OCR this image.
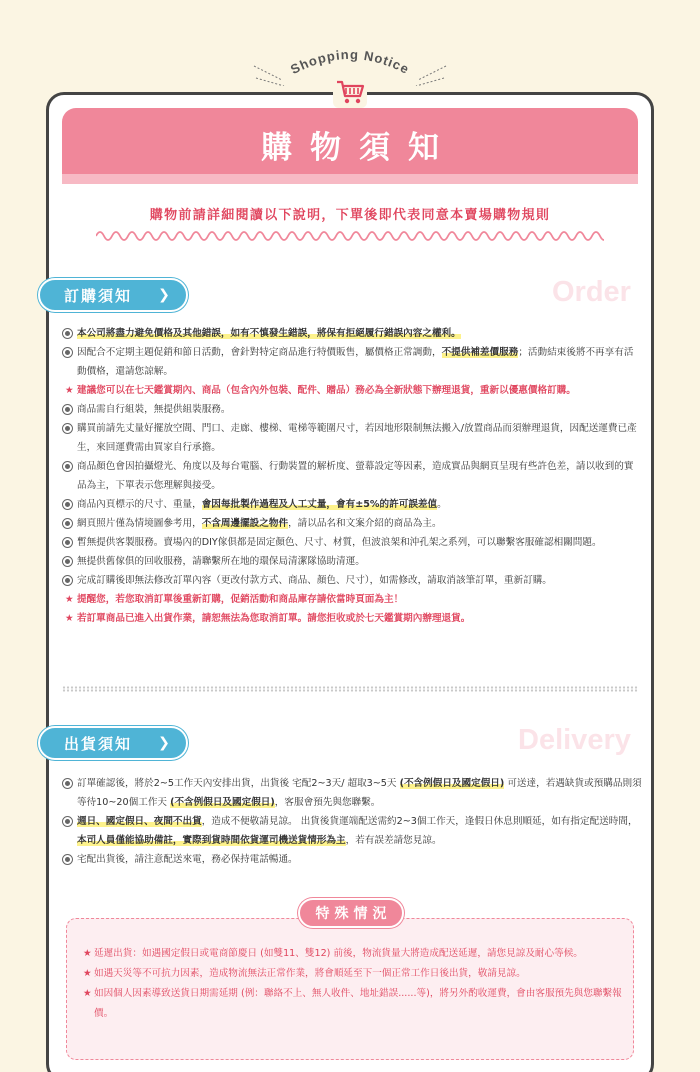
Shopping Notice
購物須知
購物前請詳細閱讀以下說明，下單後即代表同意本賣場購物規則
訂購須知 ❯	Order
本公司將盡力避免價格及其他錯誤，如有不慎發生錯誤，將保有拒絕履行錯誤內容之權利。
因配合不定期主題促銷和節日活動，會針對特定商品進行特價販售，屬價格正常調動，不提供補差價服務；活動結束後將不再享有活動價格，還請您諒解。
★ 建議您可以在七天鑑賞期內、商品（包含內外包裝、配件、贈品）務必為全新狀態下辦理退貨，重新以優惠價格訂購。
商品需自行組裝，無提供組裝服務。
購買前請先丈量好擺放空間、門口、走廊、樓梯、電梯等範圍尺寸，若因地形限制無法搬入/放置商品而須辦理退貨，因配送運費已產生，來回運費需由買家自行承擔。
商品顏色會因拍攝燈光、角度以及每台電腦、行動裝置的解析度、螢幕設定等因素，造成實品與網頁呈現有些許色差，請以收到的實品為主，下單表示您理解與接受。
商品內頁標示的尺寸、重量，會因每批製作過程及人工丈量，會有±5%的許可誤差值。
網頁照片僅為情境圖參考用，不含周邊擺設之物件，請以品名和文案介紹的商品為主。
暫無提供客製服務。賣場內的DIY傢俱都是固定顏色、尺寸、材質，但波浪架和沖孔架之系列，可以聯繫客服確認相關問題。
無提供舊傢俱的回收服務，請聯繫所在地的環保局清潔隊協助清運。
完成訂購後即無法修改訂單內容（更改付款方式、商品、顏色、尺寸），如需修改，請取消該筆訂單，重新訂購。
★ 提醒您，若您取消訂單後重新訂購，促銷活動和商品庫存請依當時頁面為主！
★ 若訂單商品已進入出貨作業，請恕無法為您取消訂單。請您拒收或於七天鑑賞期內辦理退貨。
出貨須知 ❯	Delivery
訂單確認後，將於2~5工作天內安排出貨，出貨後 宅配2~3天/ 超取3~5天 (不含例假日及國定假日) 可送達，若遇缺貨或預購品則須等待10~20個工作天 (不含例假日及國定假日)，客服會預先與您聯繫。
週日、國定假日、夜間不出貨，造成不便敬請見諒。 出貨後貨運端配送需約2~3個工作天，逢假日休息則順延，如有指定配送時間，本司人員僅能協助備註，實際到貨時間依貨運司機送貨情形為主，若有誤差請您見諒。
宅配出貨後，請注意配送來電，務必保持電話暢通。
特殊情況
★ 延遲出貨：如遇國定假日或電商節慶日 (如雙11、雙12) 前後，物流貨量大將造成配送延遲，請您見諒及耐心等候。
★ 如遇天災等不可抗力因素，造成物流無法正常作業，將會順延至下一個正常工作日後出貨，敬請見諒。
★ 如因個人因素導致送貨日期需延期 (例：聯絡不上、無人收件、地址錯誤......等)，將另外酌收運費，會由客服預先與您聯繫報價。
